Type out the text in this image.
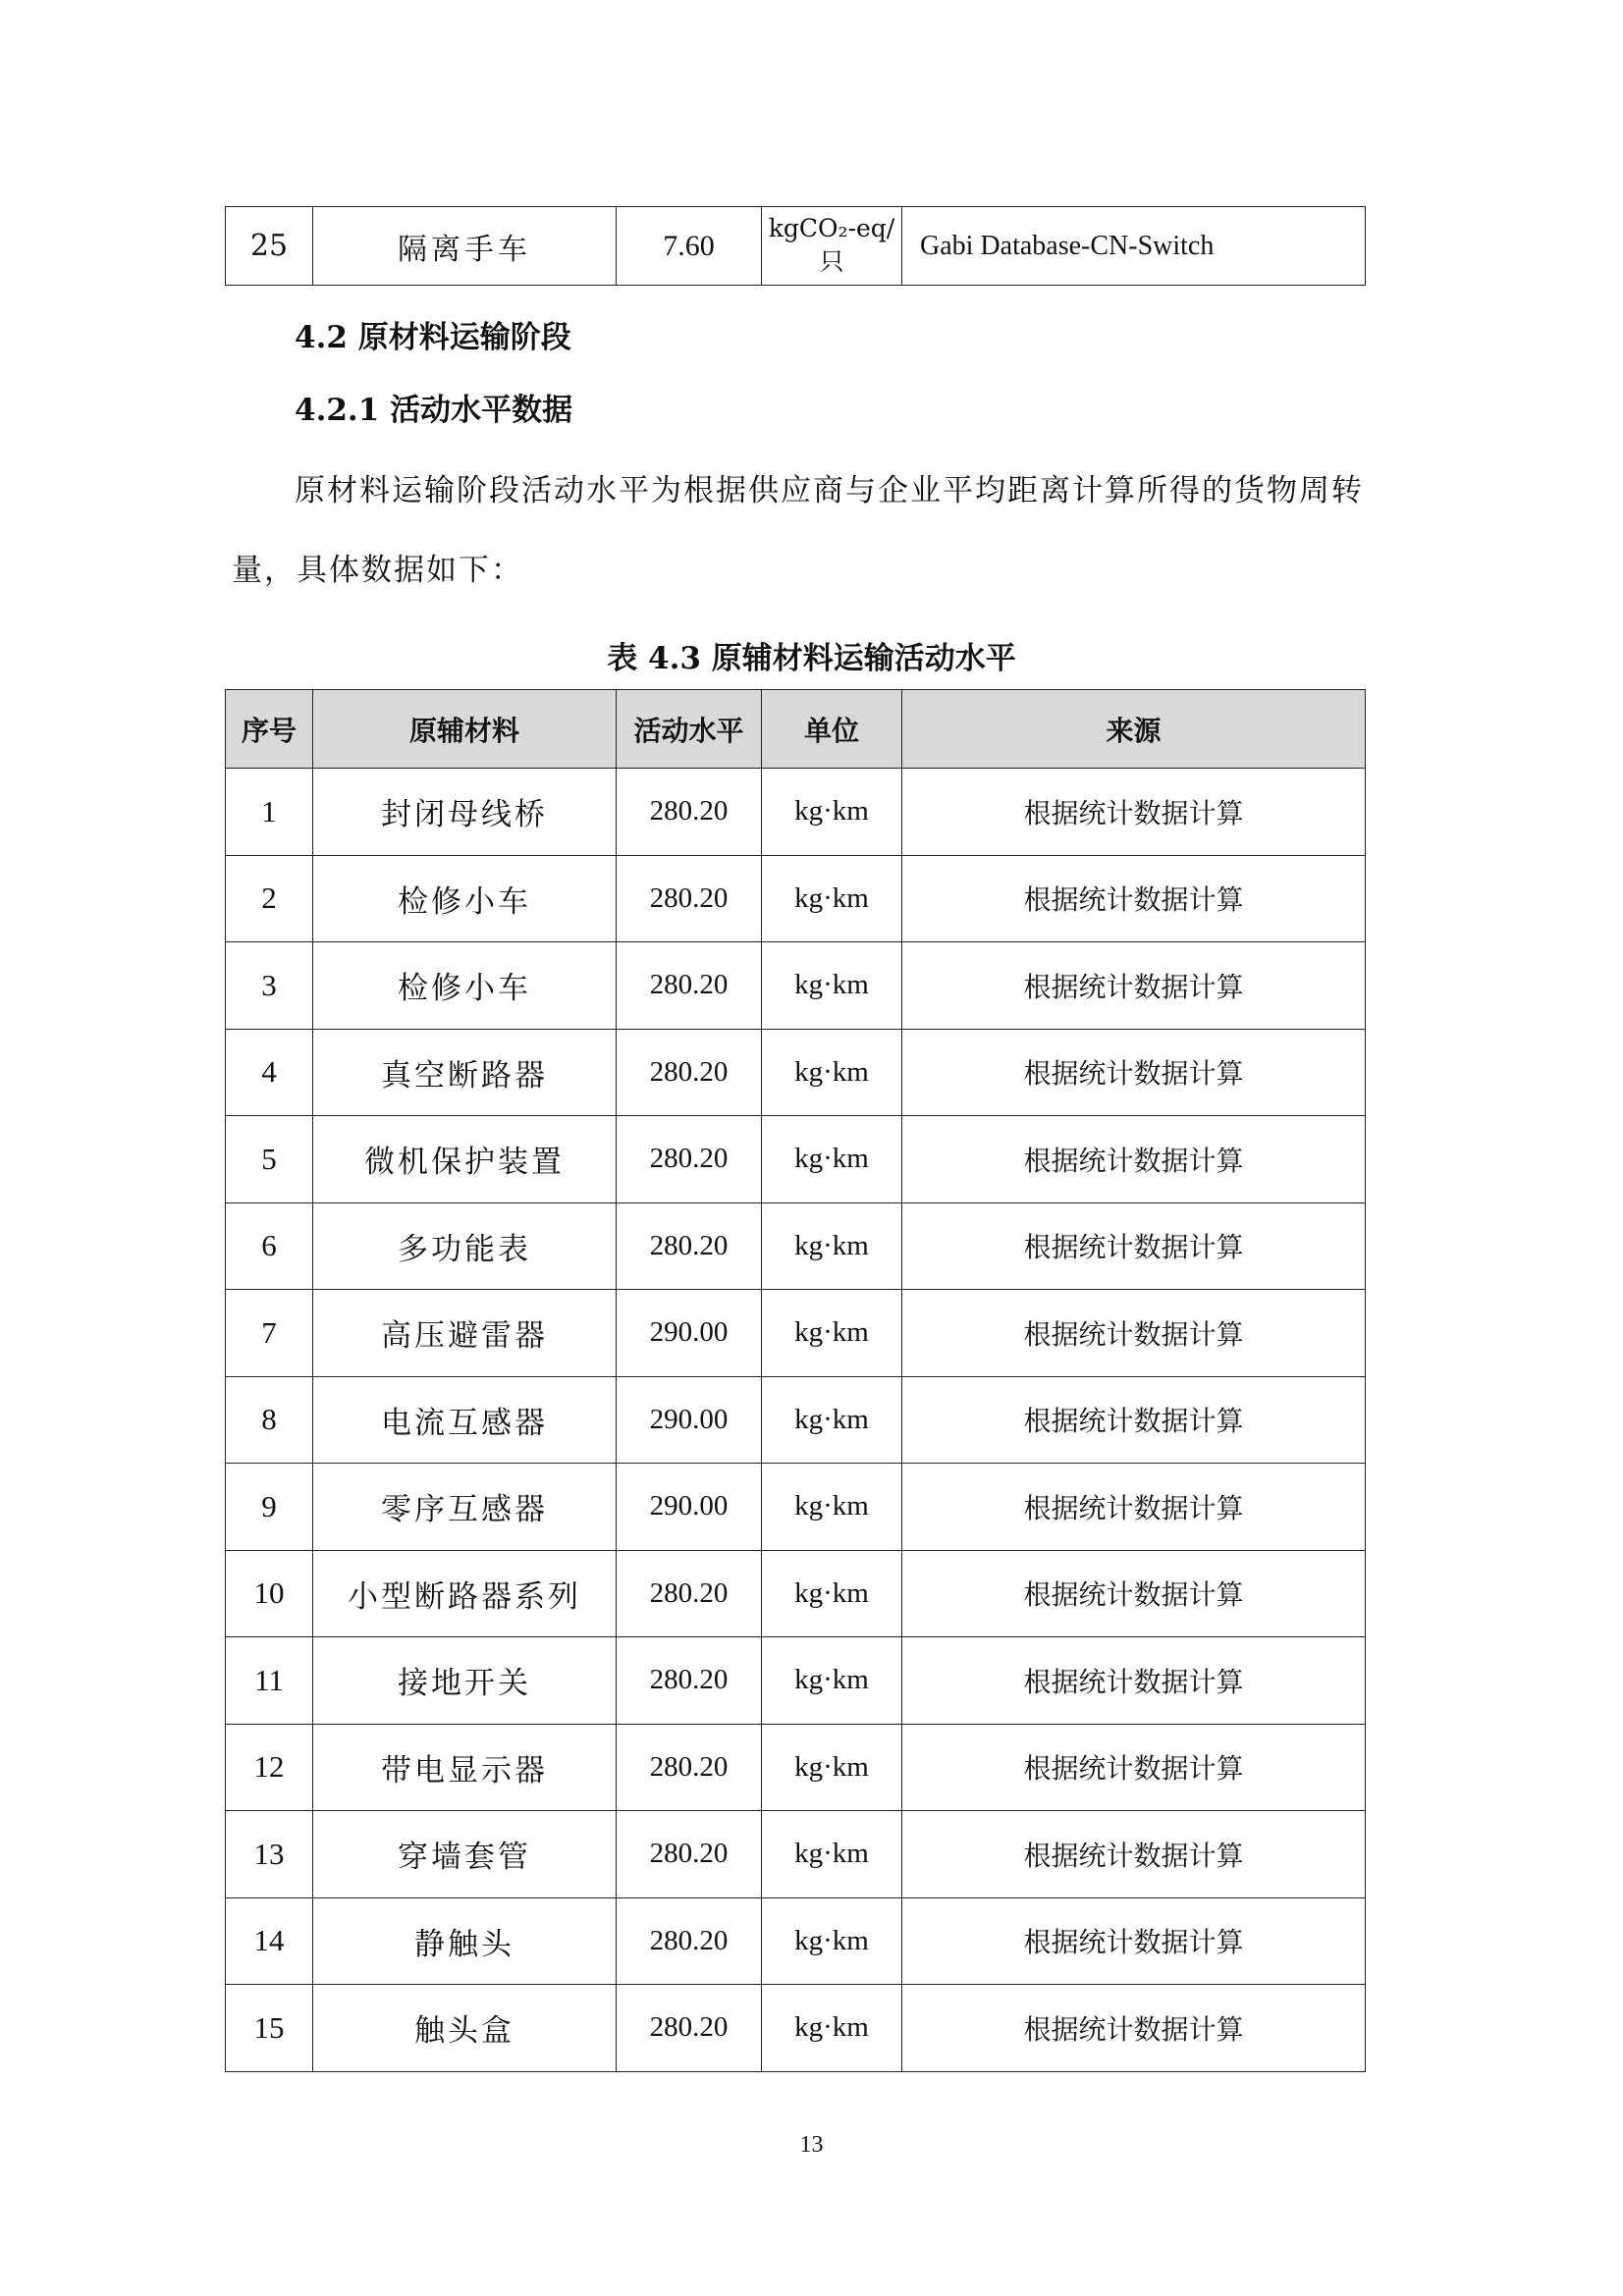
25	隔离手车	7.60	kgCO₂-eq/只	Gabi Database-CN-Switch
4.2 原材料运输阶段
4.2.1 活动水平数据
原材料运输阶段活动水平为根据供应商与企业平均距离计算所得的货物周转
量，具体数据如下：
表 4.3 原辅材料运输活动水平
序号	原辅材料	活动水平	单位	来源
1	封闭母线桥	280.20	kg·km	根据统计数据计算
2	检修小车	280.20	kg·km	根据统计数据计算
3	检修小车	280.20	kg·km	根据统计数据计算
4	真空断路器	280.20	kg·km	根据统计数据计算
5	微机保护装置	280.20	kg·km	根据统计数据计算
6	多功能表	280.20	kg·km	根据统计数据计算
7	高压避雷器	290.00	kg·km	根据统计数据计算
8	电流互感器	290.00	kg·km	根据统计数据计算
9	零序互感器	290.00	kg·km	根据统计数据计算
10	小型断路器系列	280.20	kg·km	根据统计数据计算
11	接地开关	280.20	kg·km	根据统计数据计算
12	带电显示器	280.20	kg·km	根据统计数据计算
13	穿墙套管	280.20	kg·km	根据统计数据计算
14	静触头	280.20	kg·km	根据统计数据计算
15	触头盒	280.20	kg·km	根据统计数据计算
13
